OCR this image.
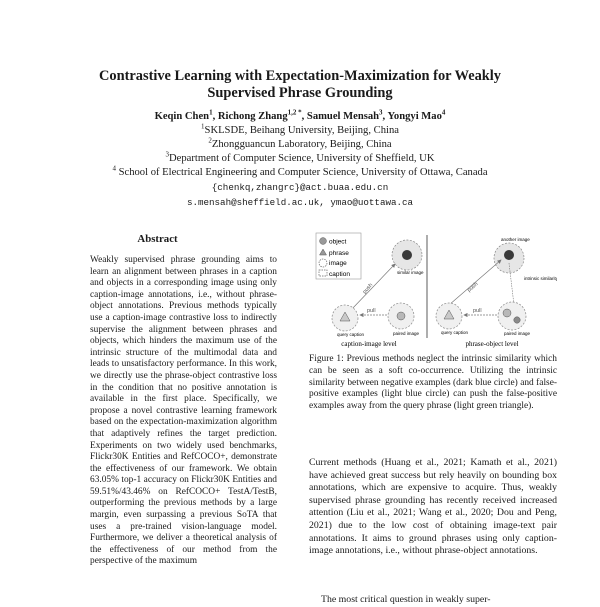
Contrastive Learning with Expectation-Maximization for Weakly
Supervised Phrase Grounding
Keqin Chen$^1$, Richong Zhang$^{1,2 *}$, Samuel Mensah$^3$, Yongyi Mao$^4$
$^1$SKLSDE, Beihang University, Beijing, China
$^2$Zhongguancun Laboratory, Beijing, China
$^3$Department of Computer Science, University of Sheffield, UK
$^4$ School of Electrical Engineering and Computer Science, University of Ottawa, Canada
{chenkq,zhangrc}@act.buaa.edu.cn
s.mensah@sheffield.ac.uk, ymao@uottawa.ca
Abstract
Weakly supervised phrase grounding aims to learn an alignment between phrases in a caption and objects in a corresponding image using only caption-image annotations, i.e., without phrase-object annotations. Previous methods typically use a caption-image contrastive loss to indirectly supervise the alignment between phrases and objects, which hinders the maximum use of the intrinsic structure of the multimodal data and leads to unsatisfactory performance. In this work, we directly use the phrase-object contrastive loss in the condition that no positive annotation is available in the first place. Specifically, we propose a novel contrastive learning framework based on the expectation-maximization algorithm that adaptively refines the target prediction. Experiments on two widely used benchmarks, Flickr30K Entities and RefCOCO+, demonstrate the effectiveness of our framework. We obtain 63.05% top-1 accuracy on Flickr30K Entities and 59.51%/43.46% on RefCOCO+ TestA/TestB, outperforming the previous methods by a large margin, even surpassing a previous SoTA that uses a pre-trained vision-language model. Furthermore, we deliver a theoretical analysis of the effectiveness of our method from the perspective of the maximum
object
phrase
image
caption	similar image
push
pull
query caption	paired image
another image
intrinsic similarity
push
pull
query caption	paired image
caption-image level	phrase-object level
Figure 1: Previous methods neglect the intrinsic similarity which can be seen as a soft co-occurrence. Utilizing the intrinsic similarity between negative examples (dark blue circle) and false-positive examples (light blue circle) can push the false-positive examples away from the query phrase (light green triangle).
Current methods (Huang et al., 2021; Kamath et al., 2021) have achieved great success but rely heavily on bounding box annotations, which are expensive to acquire. Thus, weakly supervised phrase grounding has recently received increased attention (Liu et al., 2021; Wang et al., 2020; Dou and Peng, 2021) due to the low cost of obtaining image-text pair annotations. It aims to ground phrases using only caption-image annotations, i.e., without phrase-object annotations.
The most critical question in weakly super-
